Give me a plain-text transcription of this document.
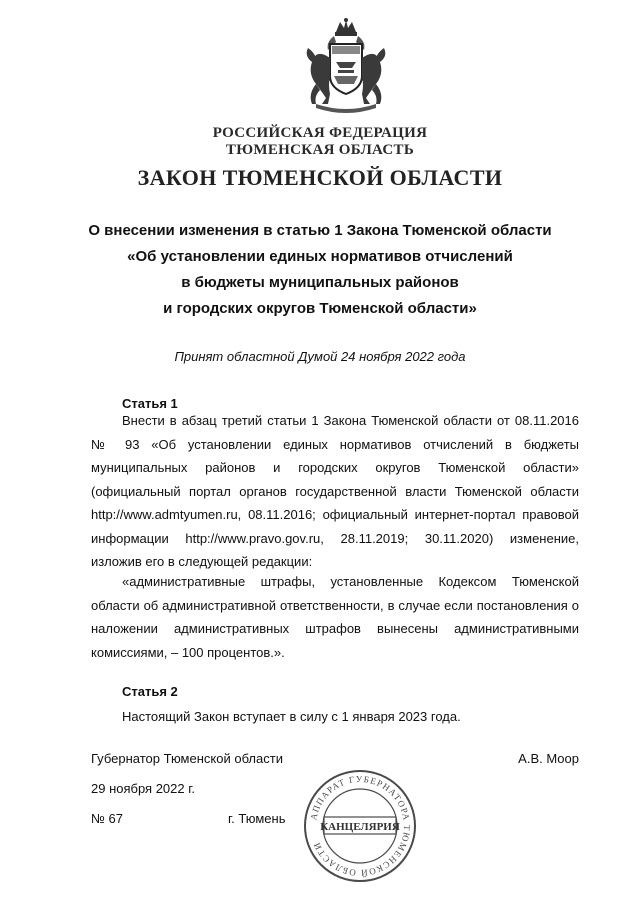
РОССИЙСКАЯ ФЕДЕРАЦИЯ
ТЮМЕНСКАЯ ОБЛАСТЬ
ЗАКОН ТЮМЕНСКОЙ ОБЛАСТИ
О внесении изменения в статью 1 Закона Тюменской области
«Об установлении единых нормативов отчислений
в бюджеты муниципальных районов
и городских округов Тюменской области»
Принят областной Думой 24 ноября 2022 года
Статья 1

Внести в абзац третий статьи 1 Закона Тюменской области от 08.11.2016 № 93 «Об установлении единых нормативов отчислений в бюджеты муниципальных районов и городских округов Тюменской области» (официальный портал органов государственной власти Тюменской области http://www.admtyumen.ru, 08.11.2016; официальный интернет-портал правовой информации http://www.pravo.gov.ru, 28.11.2019; 30.11.2020) изменение, изложив его в следующей редакции:

«административные штрафы, установленные Кодексом Тюменской области об административной ответственности, в случае если постановления о наложении административных штрафов вынесены административными комиссиями, – 100 процентов.».

Статья 2

Настоящий Закон вступает в силу с 1 января 2023 года.

Губернатор Тюменской области	А.В. Моор
29 ноября 2022 г.
№ 67	г. Тюмень	АППАРАТ ГУБЕРНАТОРА ТЮМЕНСКОЙ ОБЛАСТИ
КАНЦЕЛЯРИЯ
